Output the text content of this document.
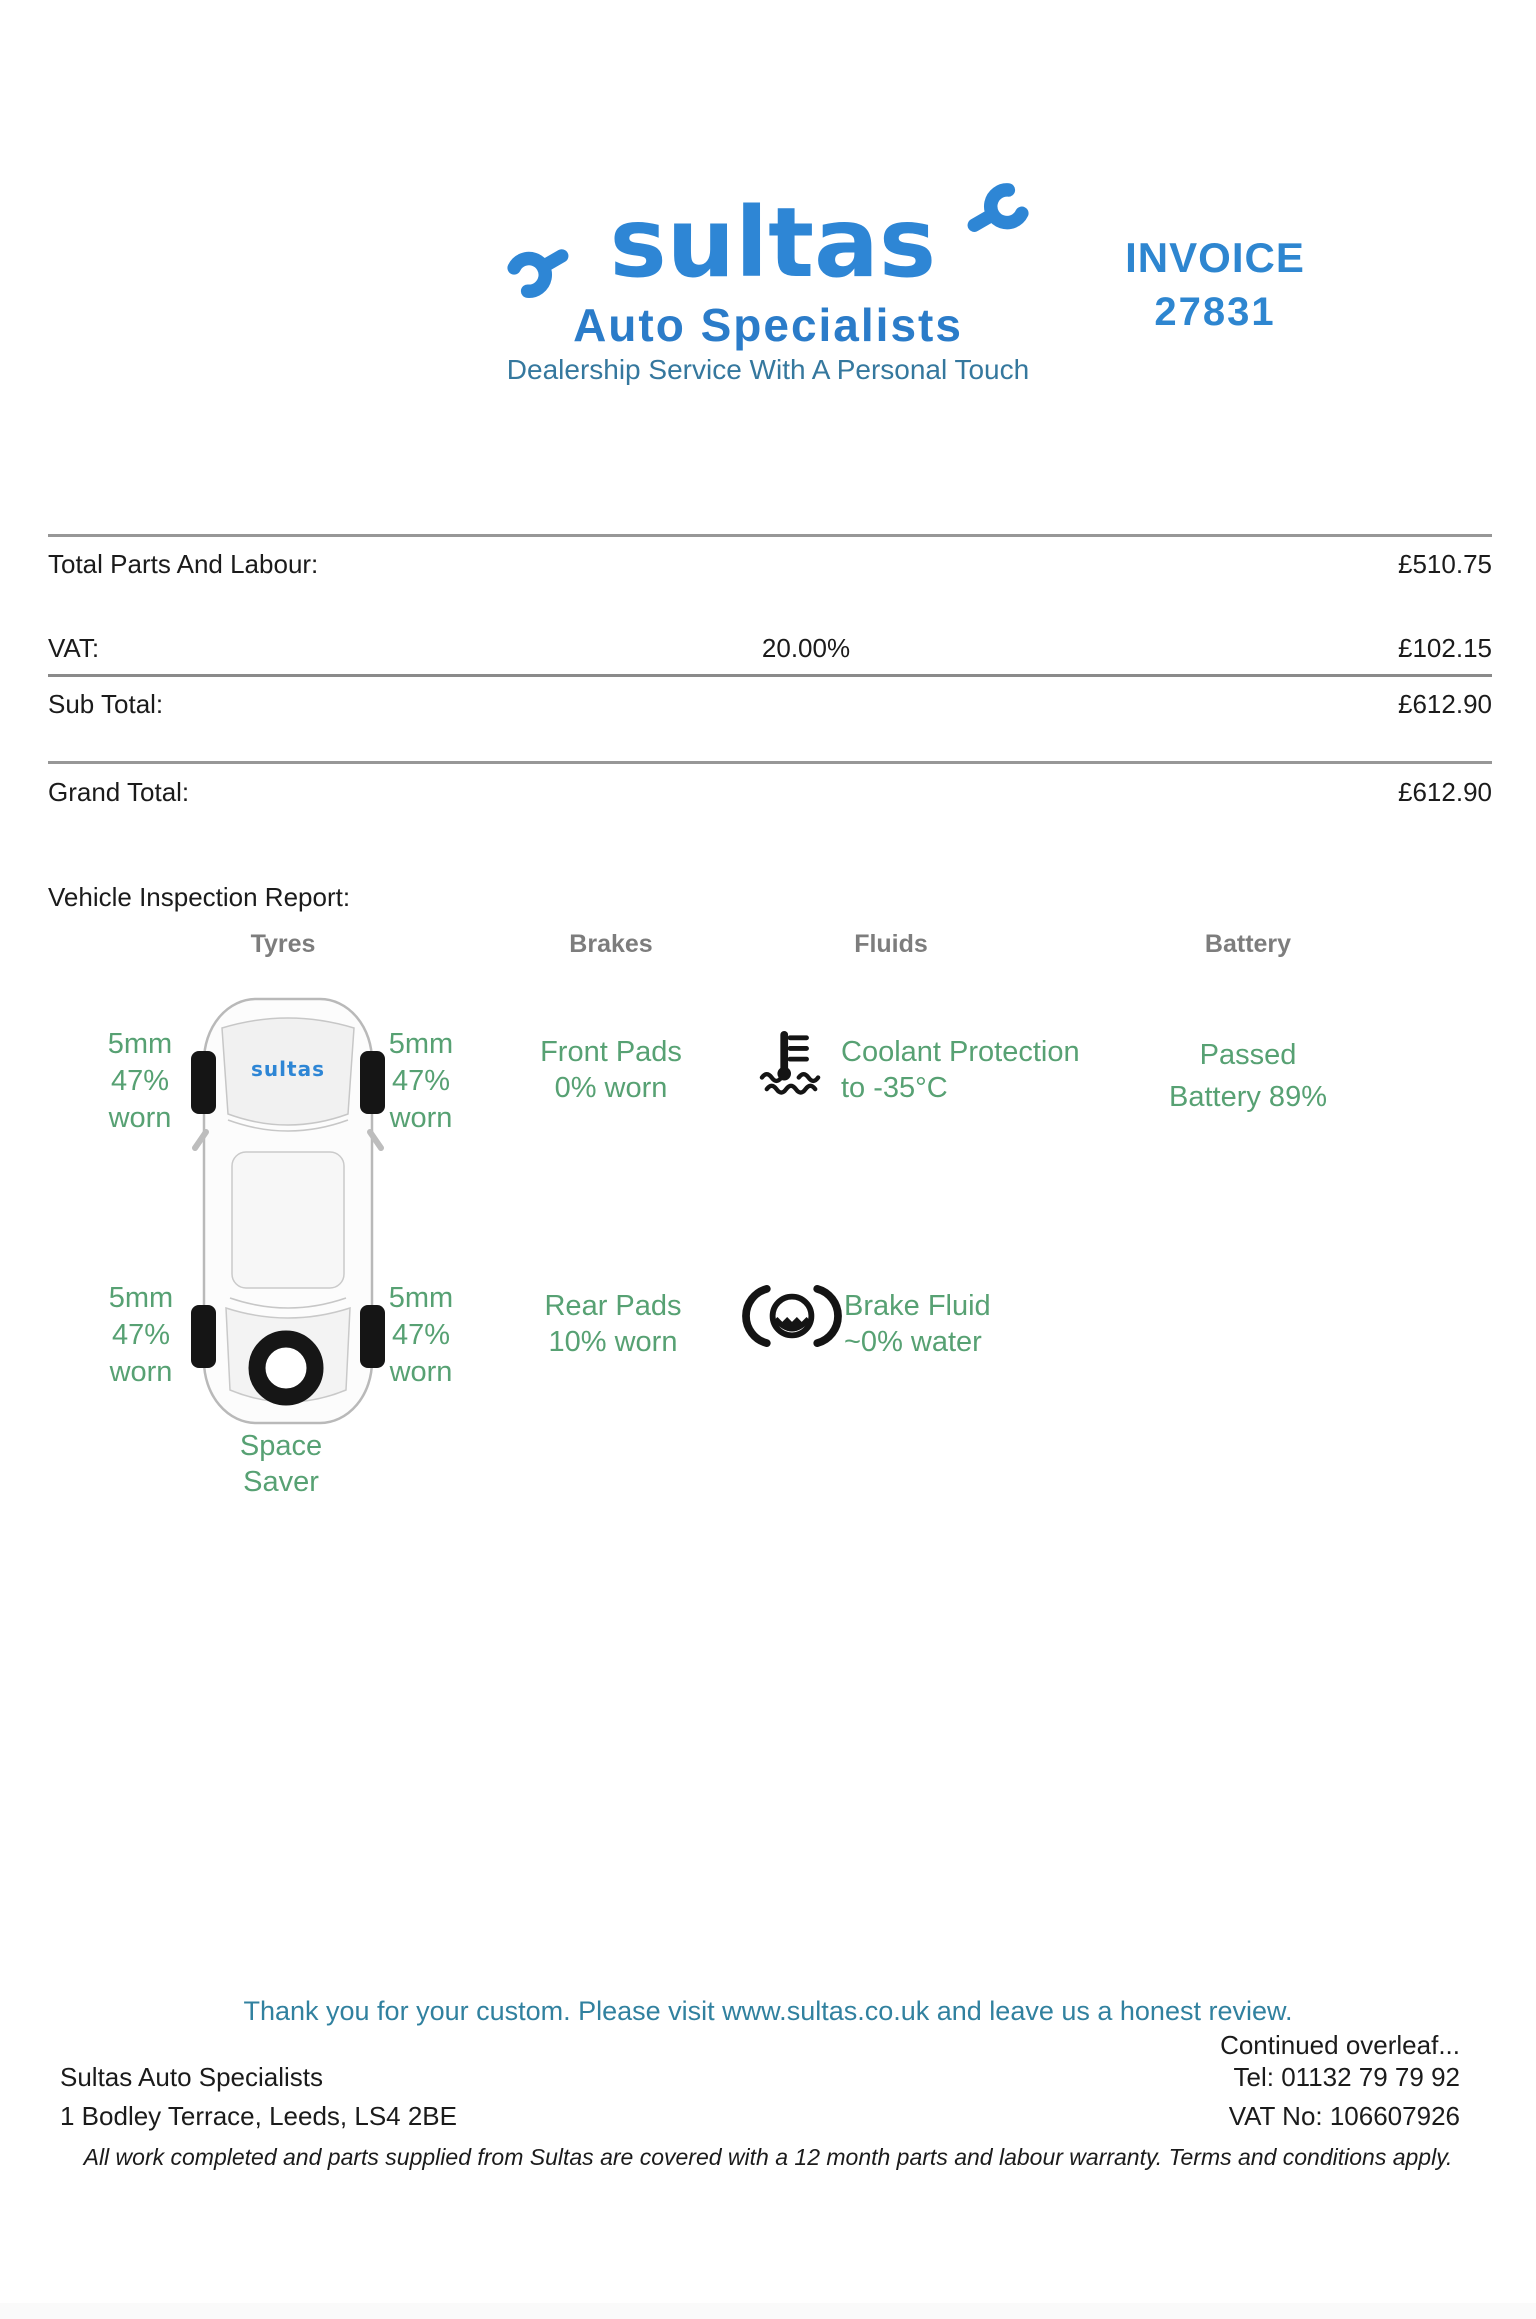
sultas
Auto Specialists
Dealership Service With A Personal Touch
INVOICE
27831
Total Parts And Labour:	£510.75
VAT:	20.00%	£102.15
Sub Total:	£612.90
Grand Total:	£612.90
Vehicle Inspection Report:
Tyres	Brakes	Fluids	Battery
sultas
5mm
47%
worn
5mm
47%
worn
5mm
47%
worn
5mm
47%
worn
Space
Saver
Front Pads
0% worn
Rear Pads
10% worn
Coolant Protection
to -35°C
Brake Fluid
~0% water
Passed
Battery 89%
Thank you for your custom. Please visit www.sultas.co.uk and leave us a honest review.
Continued overleaf...
Sultas Auto Specialists	Tel: 01132 79 79 92
1 Bodley Terrace, Leeds, LS4 2BE	VAT No: 106607926
All work completed and parts supplied from Sultas are covered with a 12 month parts and labour warranty. Terms and conditions apply.
